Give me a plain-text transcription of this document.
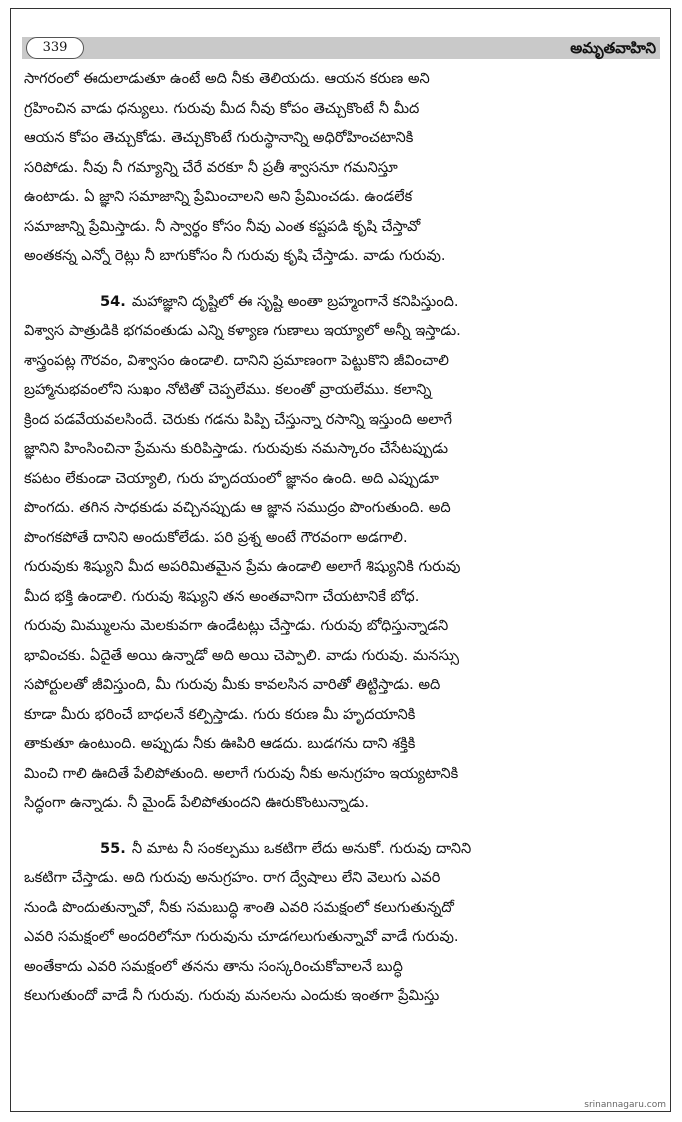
339	అమృతవాహిని
సాగరంలో ఈదులాడుతూ ఉంటే అది నీకు తెలియదు. ఆయన కరుణ అని
గ్రహించిన వాడు ధన్యులు. గురువు మీద నీవు కోపం తెచ్చుకొంటే నీ మీద
ఆయన కోపం తెచ్చుకోడు. తెచ్చుకొంటే గురుస్థానాన్ని అధిరోహించటానికి
సరిపోడు. నీవు నీ గమ్యాన్ని చేరే వరకూ నీ ప్రతీ శ్వాసనూ గమనిస్తూ
ఉంటాడు. ఏ జ్ఞాని సమాజాన్ని ప్రేమించాలని అని ప్రేమించడు. ఉండలేక
సమాజాన్ని ప్రేమిస్తాడు. నీ స్వార్థం కోసం నీవు ఎంత కష్టపడి కృషి చేస్తావో
అంతకన్న ఎన్నో రెట్లు నీ బాగుకోసం నీ గురువు కృషి చేస్తాడు. వాడు గురువు.
54. మహాజ్ఞాని దృష్టిలో ఈ సృష్టి అంతా బ్రహ్మంగానే కనిపిస్తుంది.
విశ్వాస పాత్రుడికి భగవంతుడు ఎన్ని కళ్యాణ గుణాలు ఇయ్యాలో అన్నీ ఇస్తాడు.
శాస్త్రంపట్ల గౌరవం, విశ్వాసం ఉండాలి. దానిని ప్రమాణంగా పెట్టుకొని జీవించాలి
బ్రహ్మానుభవంలోని సుఖం నోటితో చెప్పలేము. కలంతో వ్రాయలేము. కలాన్ని
క్రింద పడవేయవలసిందే. చెరుకు గడను పిప్పి చేస్తున్నా రసాన్ని ఇస్తుంది అలాగే
జ్ఞానిని హింసించినా ప్రేమను కురిపిస్తాడు. గురువుకు నమస్కారం చేసేటప్పుడు
కపటం లేకుండా చెయ్యాలి, గురు హృదయంలో జ్ఞానం ఉంది. అది ఎప్పుడూ
పొంగదు. తగిన సాధకుడు వచ్చినప్పుడు ఆ జ్ఞాన సముద్రం పొంగుతుంది. అది
పొంగకపోతే దానిని అందుకోలేడు. పరి ప్రశ్న అంటే గౌరవంగా అడగాలి.
గురువుకు శిష్యుని మీద అపరిమితమైన ప్రేమ ఉండాలి అలాగే శిష్యునికి గురువు
మీద భక్తి ఉండాలి. గురువు శిష్యుని తన అంతవానిగా చేయటానికే బోధ.
గురువు మిమ్ములను మెలకువగా ఉండేటట్లు చేస్తాడు. గురువు బోధిస్తున్నాడని
భావించకు. ఏదైతే అయి ఉన్నాడో అది అయి చెప్పాలి. వాడు గురువు. మనస్సు
సపోర్టులతో జీవిస్తుంది, మీ గురువు మీకు కావలసిన వారితో తిట్టిస్తాడు. అది
కూడా మీరు భరించే బాధలనే కల్పిస్తాడు. గురు కరుణ మీ హృదయానికి
తాకుతూ ఉంటుంది. అప్పుడు నీకు ఊపిరి ఆడదు. బుడగను దాని శక్తికి
మించి గాలి ఊదితే పేలిపోతుంది. అలాగే గురువు నీకు అనుగ్రహం ఇయ్యటానికి
సిద్ధంగా ఉన్నాడు. నీ మైండ్ పేలిపోతుందని ఊరుకొంటున్నాడు.
55. నీ మాట నీ సంకల్పము ఒకటిగా లేదు అనుకో. గురువు దానిని
ఒకటిగా చేస్తాడు. అది గురువు అనుగ్రహం. రాగ ద్వేషాలు లేని వెలుగు ఎవరి
నుండి పొందుతున్నావో, నీకు సమబుద్ధి శాంతి ఎవరి సమక్షంలో కలుగుతున్నదో
ఎవరి సమక్షంలో అందరిలోనూ గురువును చూడగలుగుతున్నావో వాడే గురువు.
అంతేకాదు ఎవరి సమక్షంలో తనను తాను సంస్కరించుకోవాలనే బుద్ధి
కలుగుతుందో వాడే నీ గురువు. గురువు మనలను ఎందుకు ఇంతగా ప్రేమిస్తు
srinannagaru.com
